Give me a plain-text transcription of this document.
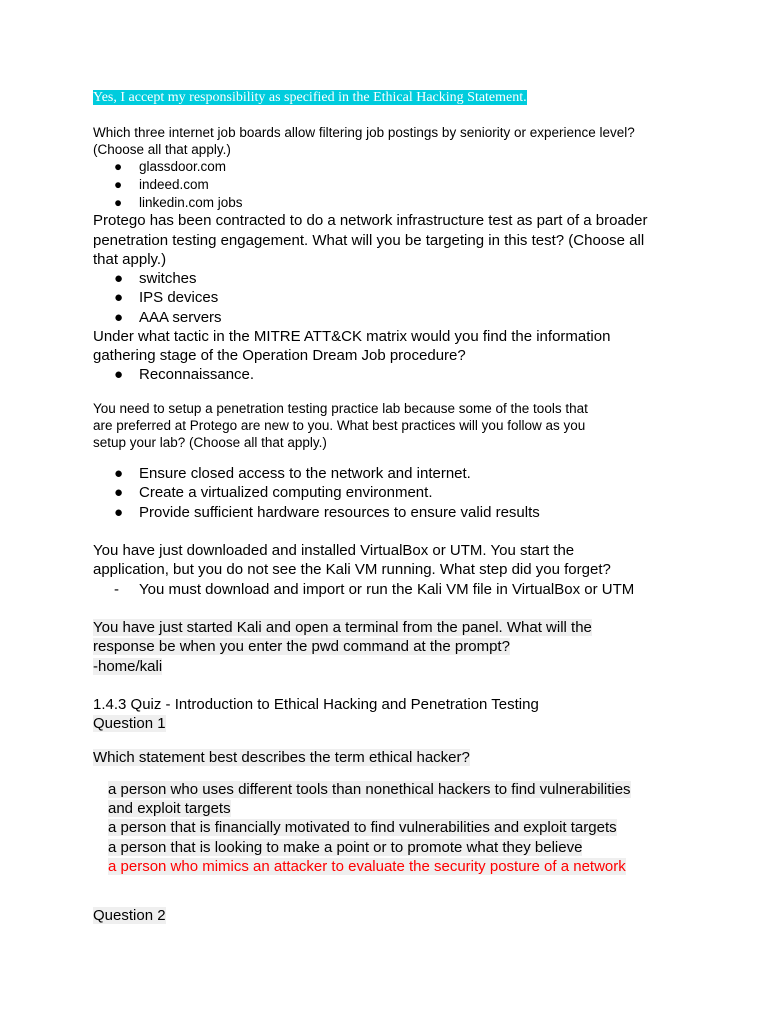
Yes, I accept my responsibility as specified in the Ethical Hacking Statement.
Which three internet job boards allow filtering job postings by seniority or experience level?
(Choose all that apply.)
● glassdoor.com
● indeed.com
● linkedin.com jobs
Protego has been contracted to do a network infrastructure test as part of a broader
penetration testing engagement. What will you be targeting in this test? (Choose all
that apply.)
● switches
● IPS devices
● AAA servers
Under what tactic in the MITRE ATT&CK matrix would you find the information
gathering stage of the Operation Dream Job procedure?
● Reconnaissance.
You need to setup a penetration testing practice lab because some of the tools that
are preferred at Protego are new to you. What best practices will you follow as you
setup your lab? (Choose all that apply.)
● Ensure closed access to the network and internet.
● Create a virtualized computing environment.
● Provide sufficient hardware resources to ensure valid results
You have just downloaded and installed VirtualBox or UTM. You start the
application, but you do not see the Kali VM running. What step did you forget?
- You must download and import or run the Kali VM file in VirtualBox or UTM
You have just started Kali and open a terminal from the panel. What will the
response be when you enter the pwd command at the prompt?
-home/kali
1.4.3 Quiz - Introduction to Ethical Hacking and Penetration Testing
Question 1
Which statement best describes the term ethical hacker?
a person who uses different tools than nonethical hackers to find vulnerabilities
and exploit targets
a person that is financially motivated to find vulnerabilities and exploit targets
a person that is looking to make a point or to promote what they believe
a person who mimics an attacker to evaluate the security posture of a network
Question 2
